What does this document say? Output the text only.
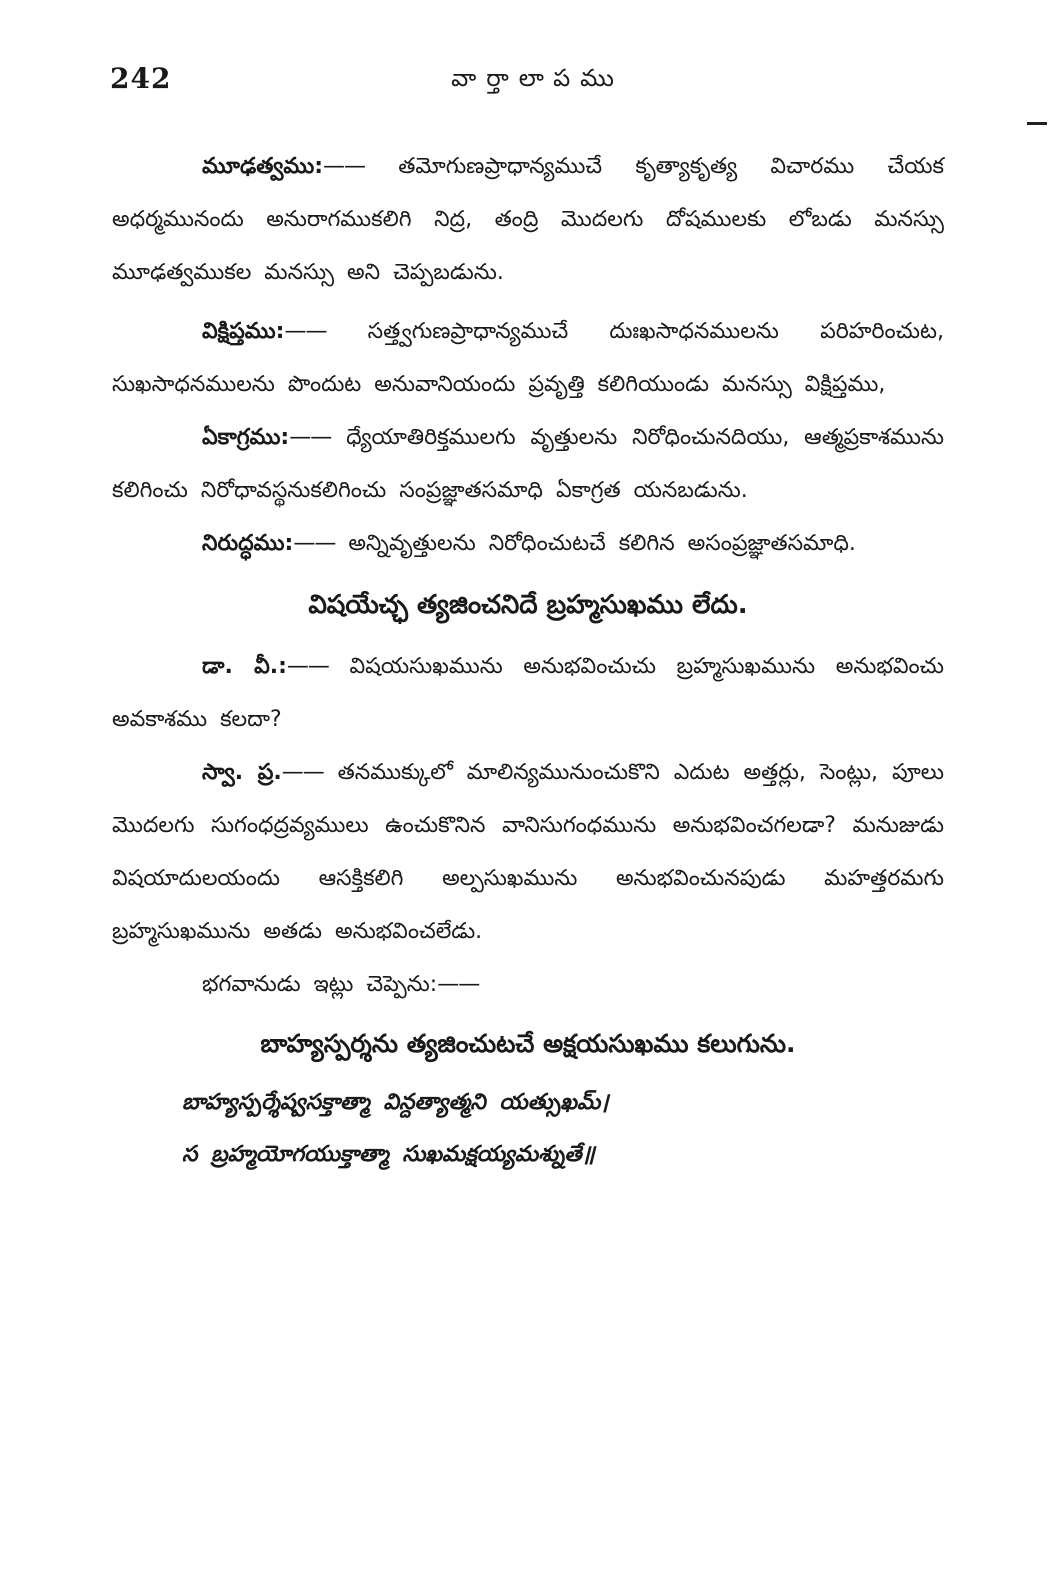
242	వార్తాలాపము

మూఢత్వము:—— తమోగుణప్రాధాన్యముచే కృత్యాకృత్య విచారము చేయక అధర్మమునందు అనురాగముకలిగి నిద్ర, తంద్రి మొదలగు దోషములకు లోబడు మనస్సు మూఢత్వముకల మనస్సు అని చెప్పబడును.

విక్షిప్తము:—— సత్త్వగుణప్రాధాన్యముచే దుఃఖసాధనములను పరిహరించుట, సుఖసాధనములను పొందుట అనువానియందు ప్రవృత్తి కలిగియుండు మనస్సు విక్షిప్తము,

ఏకాగ్రము:—— ధ్యేయాతిరిక్తములగు వృత్తులను నిరోధించునదియు, ఆత్మప్రకాశమును కలిగించు నిరోధావస్థనుకలిగించు సంప్రజ్ఞాతసమాధి ఏకాగ్రత యనబడును.

నిరుద్ధము:—— అన్నివృత్తులను నిరోధించుటచే కలిగిన అసంప్రజ్ఞాతసమాధి.

విషయేచ్ఛ త్యజించనిదే బ్రహ్మసుఖము లేదు.

డా. వీ.:—— విషయసుఖమును అనుభవించుచు బ్రహ్మసుఖమును అనుభవించు అవకాశము కలదా?

స్వా. ప్ర.—— తనముక్కులో మాలిన్యమునుంచుకొని ఎదుట అత్తర్లు, సెంట్లు, పూలు మొదలగు సుగంధద్రవ్యములు ఉంచుకొనిన వానిసుగంధమును అనుభవించగలడా? మనుజుడు విషయాదులయందు ఆసక్తికలిగి అల్పసుఖమును అనుభవించునపుడు మహత్తరమగు బ్రహ్మసుఖమును అతడు అనుభవించలేడు.

భగవానుడు ఇట్లు చెప్పెను:——

బాహ్యస్పర్శను త్యజించుటచే అక్షయసుఖము కలుగును.

బాహ్యస్పర్శేష్వసక్తాత్మా విన్దత్యాత్మని యత్సుఖమ్।

స బ్రహ్మయోగయుక్తాత్మా సుఖమక్షయ్యమశ్నుతే॥
